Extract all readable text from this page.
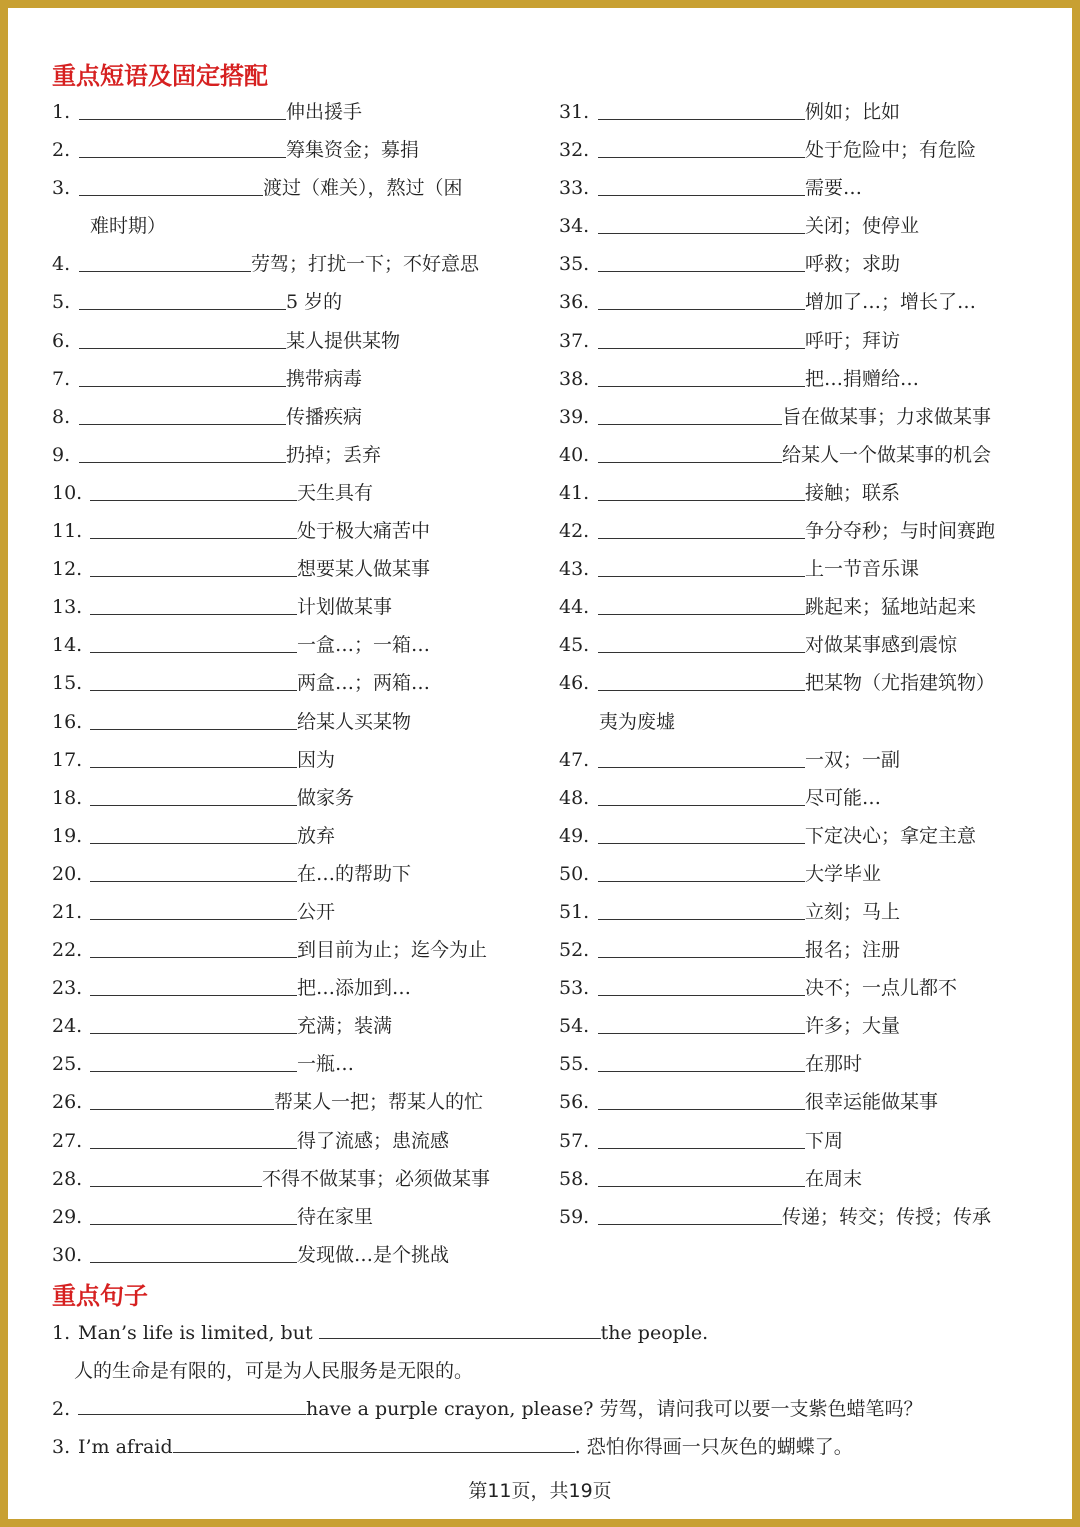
重点短语及固定搭配
1.	伸出援手
2.	筹集资金；募捐
3.	渡过（难关），熬过（困
难时期）
4.	劳驾；打扰一下；不好意思
5.	5 岁的
6.	某人提供某物
7.	携带病毒
8.	传播疾病
9.	扔掉；丢弃
10.	天生具有
11.	处于极大痛苦中
12.	想要某人做某事
13.	计划做某事
14.	一盒…；一箱…
15.	两盒…；两箱…
16.	给某人买某物
17.	因为
18.	做家务
19.	放弃
20.	在…的帮助下
21.	公开
22.	到目前为止；迄今为止
23.	把…添加到…
24.	充满；装满
25.	一瓶…
26.	帮某人一把；帮某人的忙
27.	得了流感；患流感
28.	不得不做某事；必须做某事
29.	待在家里
30.	发现做…是个挑战
31.	例如；比如
32.	处于危险中；有危险
33.	需要…
34.	关闭；使停业
35.	呼救；求助
36.	增加了…；增长了…
37.	呼吁；拜访
38.	把…捐赠给…
39.	旨在做某事；力求做某事
40.	给某人一个做某事的机会
41.	接触；联系
42.	争分夺秒；与时间赛跑
43.	上一节音乐课
44.	跳起来；猛地站起来
45.	对做某事感到震惊
46.	把某物（尤指建筑物）
夷为废墟
47.	一双；一副
48.	尽可能…
49.	下定决心；拿定主意
50.	大学毕业
51.	立刻；马上
52.	报名；注册
53.	决不；一点儿都不
54.	许多；大量
55.	在那时
56.	很幸运能做某事
57.	下周
58.	在周末
59.	传递；转交；传授；传承
重点句子
1. Man’s life is limited, but	the people.
人的生命是有限的，可是为人民服务是无限的。
2.	have a purple crayon, please? 劳驾，请问我可以要一支紫色蜡笔吗？
3. I’m afraid	. 恐怕你得画一只灰色的蝴蝶了。
第11页，共19页
